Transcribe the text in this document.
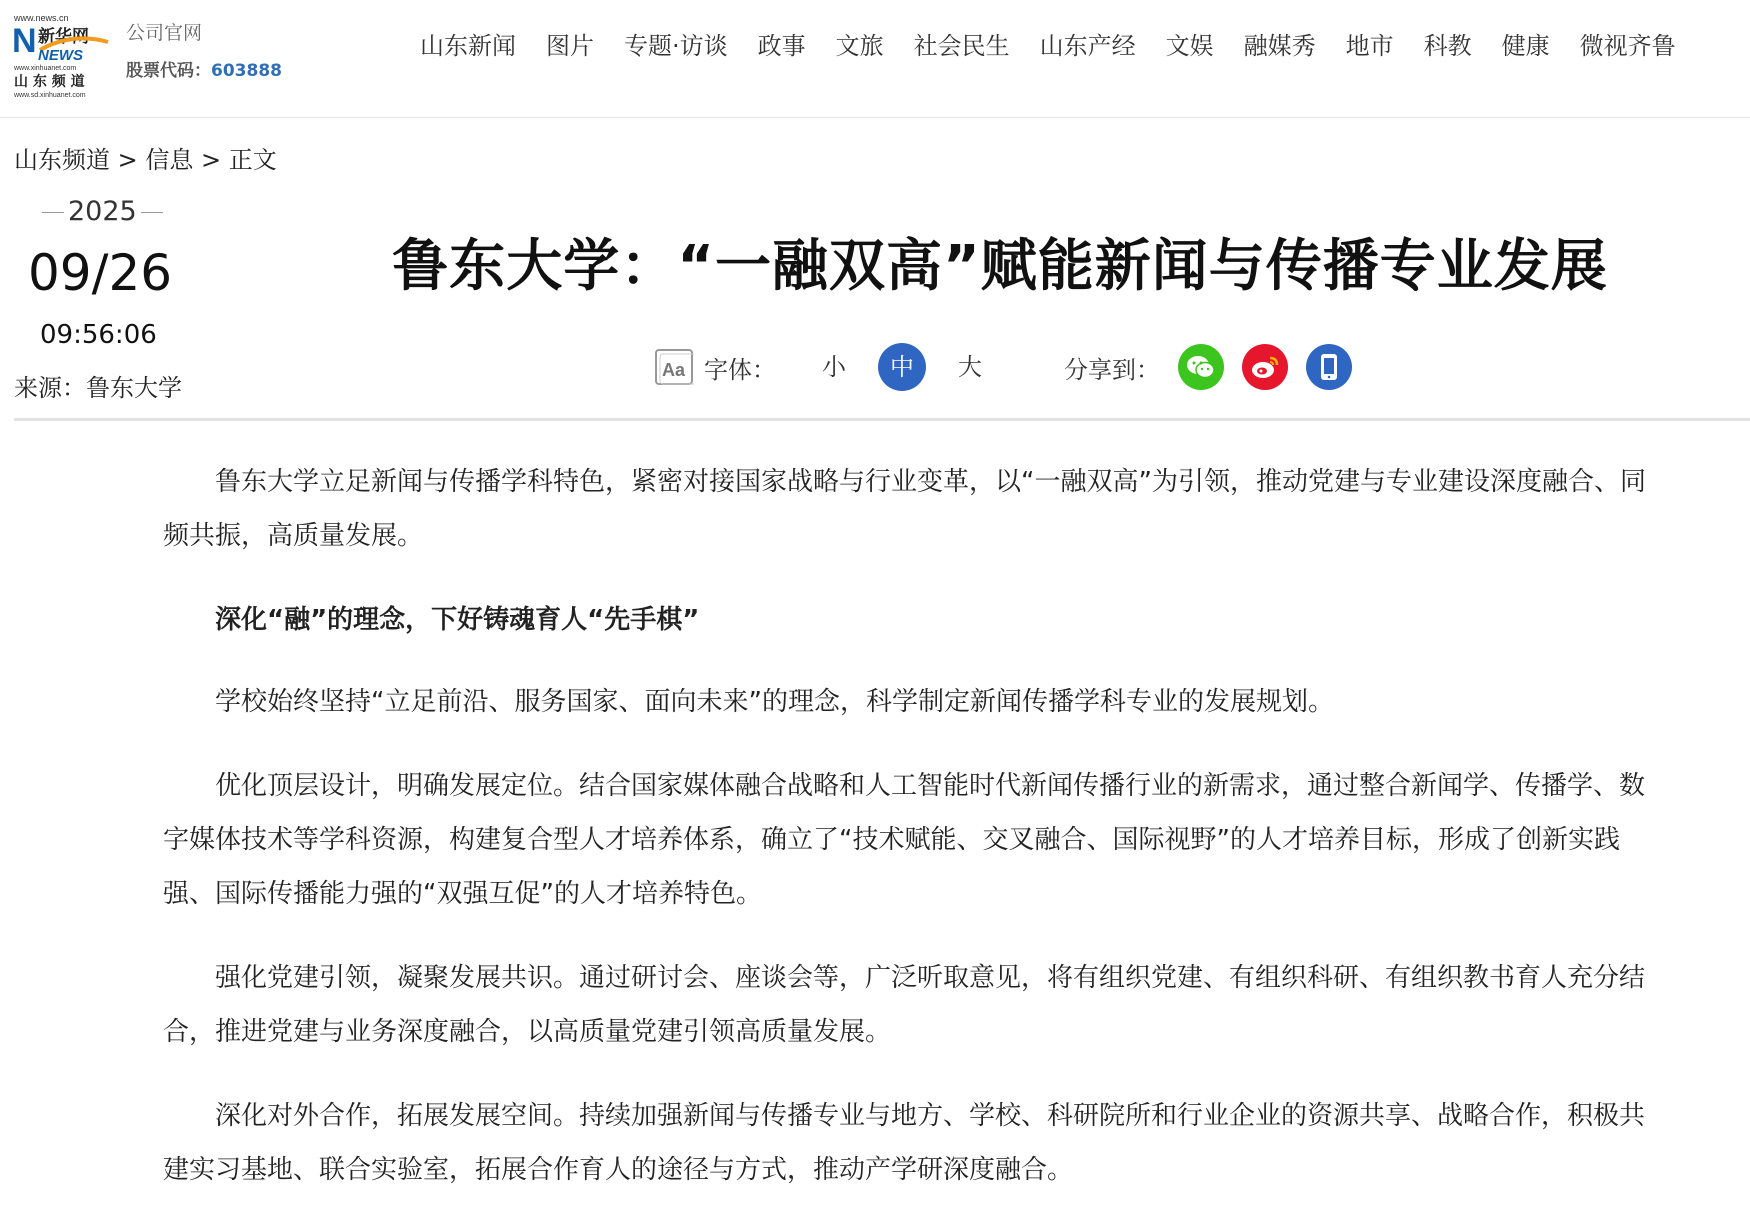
www.news.cn
N 新华网
NEWS
www.xinhuanet.com
山 东 频 道
www.sd.xinhuanet.com
公司官网
股票代码：603888
山东新闻 图片 专题·访谈 政事 文旅 社会民生 山东产经 文娱 融媒秀 地市 科教 健康 微视齐鲁
山东频道 > 信息 > 正文
2025
09/26
09:56:06
来源：鲁东大学
鲁东大学：“一融双高”赋能新闻与传播专业发展
Aa 字体：	小	中	大	分享到：

鲁东大学立足新闻与传播学科特色，紧密对接国家战略与行业变革，以“一融双高”为引领，推动党建与专业建设深度融合、同频共振，高质量发展。

深化“融”的理念，下好铸魂育人“先手棋”

学校始终坚持“立足前沿、服务国家、面向未来”的理念，科学制定新闻传播学科专业的发展规划。

优化顶层设计，明确发展定位。结合国家媒体融合战略和人工智能时代新闻传播行业的新需求，通过整合新闻学、传播学、数字媒体技术等学科资源，构建复合型人才培养体系，确立了“技术赋能、交叉融合、国际视野”的人才培养目标，形成了创新实践强、国际传播能力强的“双强互促”的人才培养特色。

强化党建引领，凝聚发展共识。通过研讨会、座谈会等，广泛听取意见，将有组织党建、有组织科研、有组织教书育人充分结合，推进党建与业务深度融合，以高质量党建引领高质量发展。

深化对外合作，拓展发展空间。持续加强新闻与传播专业与地方、学校、科研院所和行业企业的资源共享、战略合作，积极共建实习基地、联合实验室，拓展合作育人的途径与方式，推动产学研深度融合。
